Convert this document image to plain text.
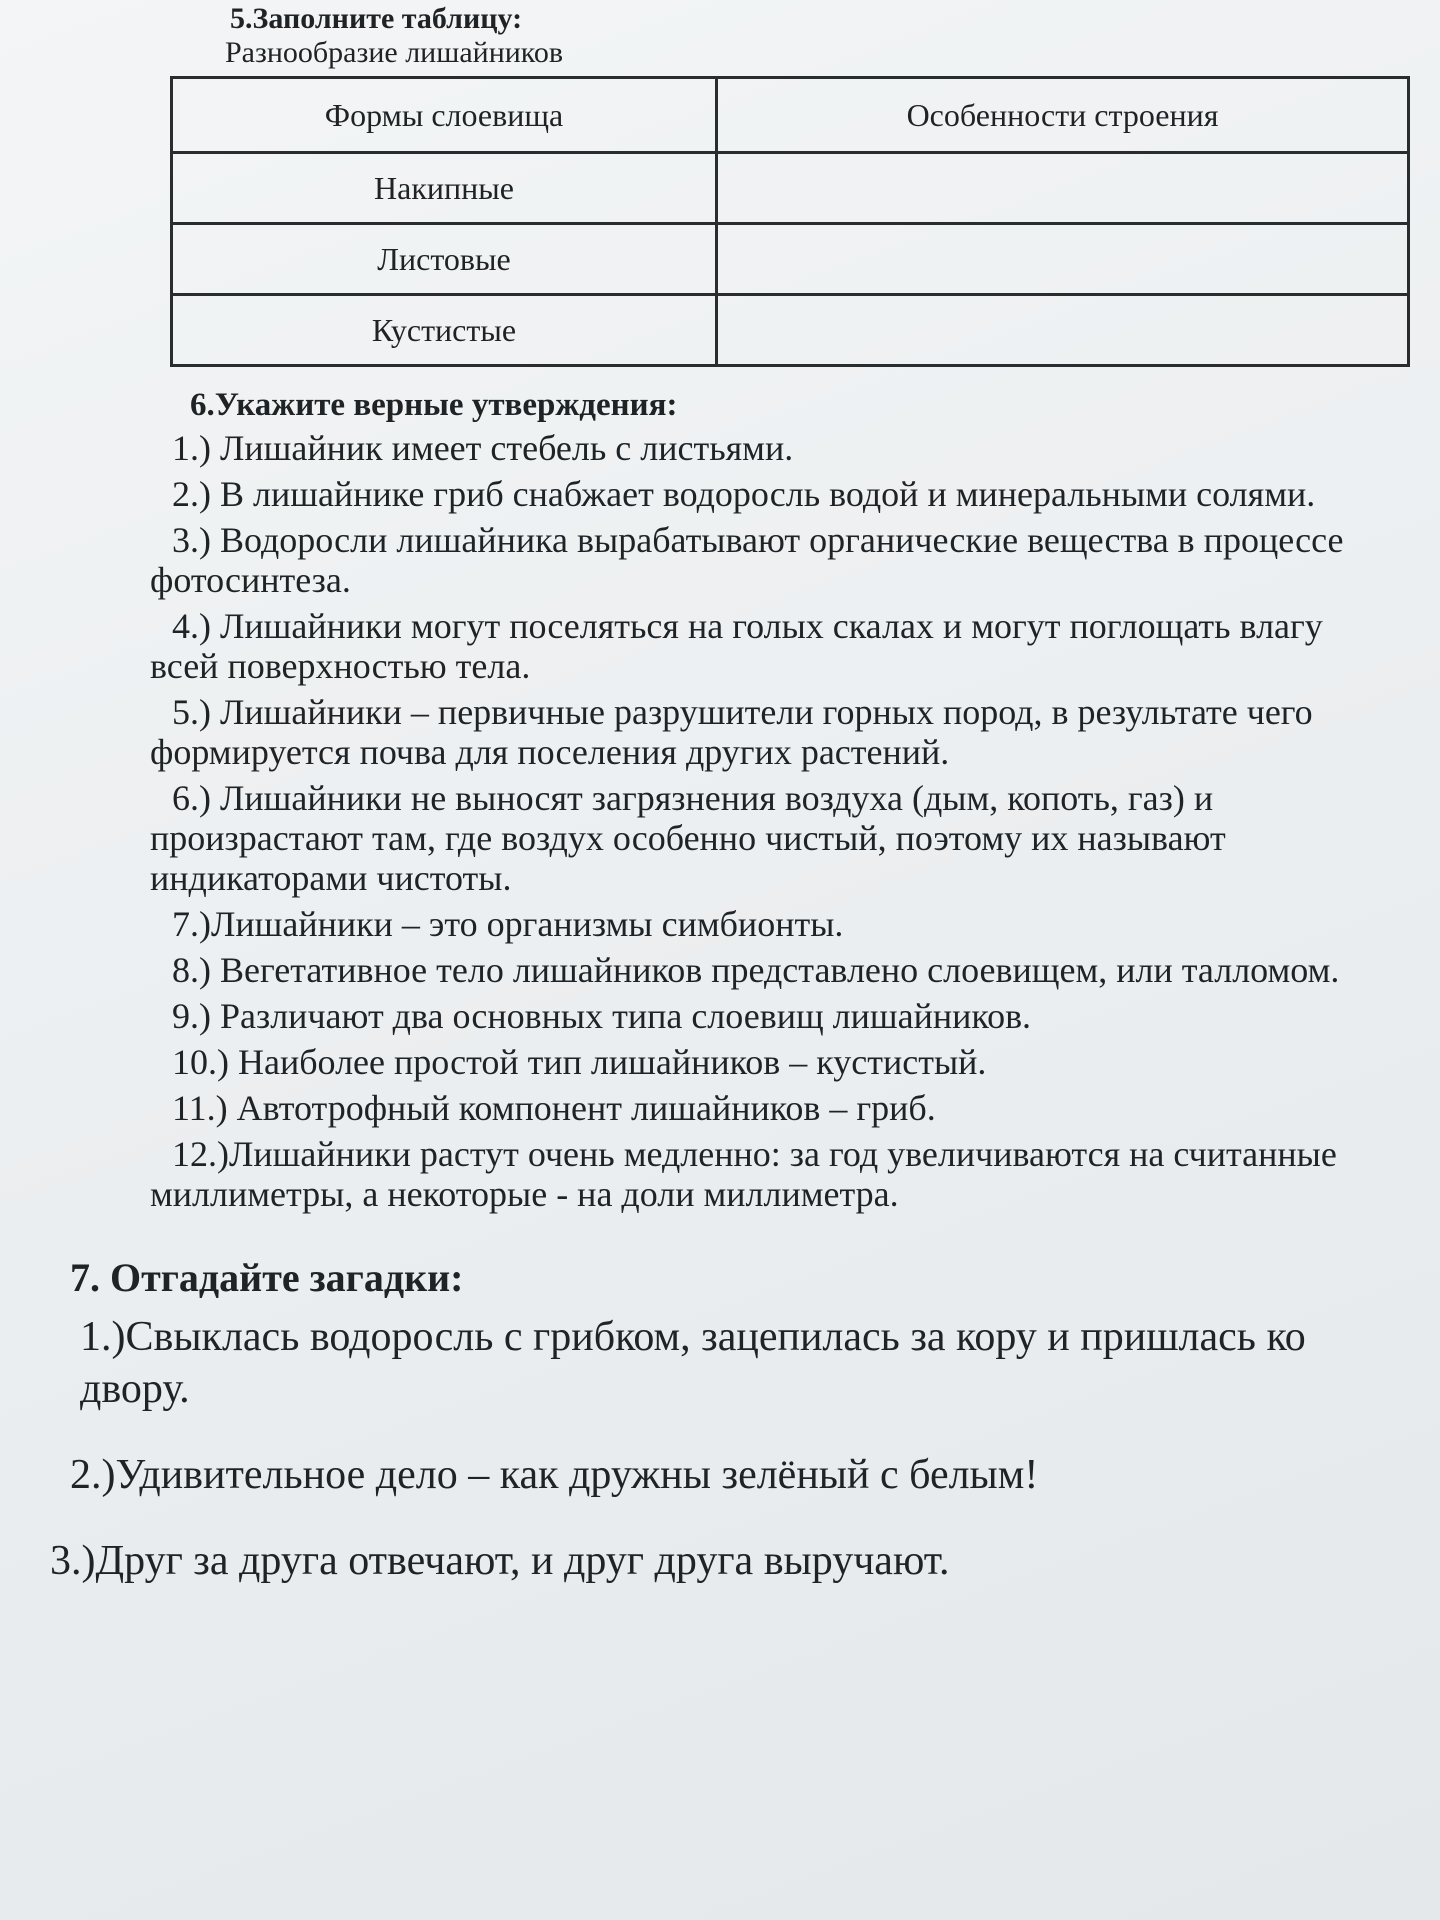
5.Заполните таблицу:

Разнообразие лишайников

Формы слоевища	Особенности строения
Накипные	
Листовые	
Кустистые	

6.Укажите верные утверждения:

1.) Лишайник имеет стебель с листьями.

2.) В лишайнике гриб снабжает водоросль водой и минеральными солями.

3.) Водоросли лишайника вырабатывают органические вещества в процессе фотосинтеза.

4.) Лишайники могут поселяться на голых скалах и могут поглощать влагу всей поверхностью тела.

5.) Лишайники – первичные разрушители горных пород, в результате чего формируется почва для поселения других растений.

6.) Лишайники не выносят загрязнения воздуха (дым, копоть, газ) и произрастают там, где воздух особенно чистый, поэтому их называют индикаторами чистоты.

7.)Лишайники – это организмы симбионты.

8.) Вегетативное тело лишайников представлено слоевищем, или талломом.

9.) Различают два основных типа слоевищ лишайников.

10.) Наиболее простой тип лишайников – кустистый.

11.) Автотрофный компонент лишайников – гриб.

12.)Лишайники растут очень медленно: за год увеличиваются на считанные миллиметры, а некоторые - на доли миллиметра.

7. Отгадайте загадки:

1.)Свыклась водоросль с грибком, зацепилась за кору и пришлась ко двору.

2.)Удивительное дело – как дружны зелёный с белым!

3.)Друг за друга отвечают, и друг друга выручают.
